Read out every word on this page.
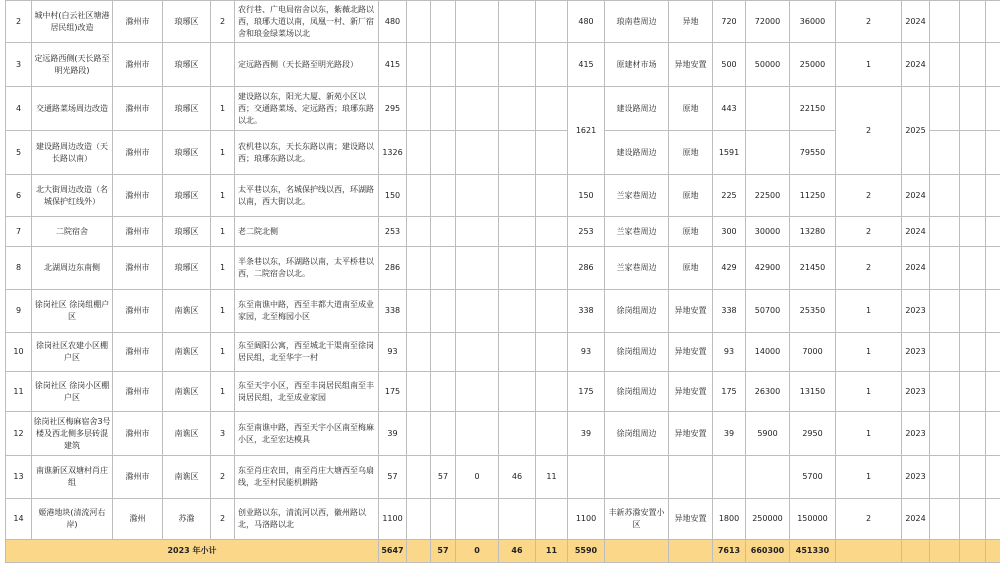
2	城中村(白云社区塘港居民组)改造	滁州市	琅琊区	2	农行巷、广电局宿舍以东，紫薇北路以西，琅琊大道以南，凤凰一村、新厂宿舍和琅金绿菜场以北	480						480	琅南巷周边	异地	720	72000	36000	2	2024				
3	定远路西侧(天长路至明光路段)	滁州市	琅琊区		定远路西侧（天长路至明光路段）	415						415	原建材市场	异地安置	500	50000	25000	1	2024				
4	交通路菜场周边改造	滁州市	琅琊区	1	建设路以东，阳光大厦、新苑小区以西；交通路菜场、定远路西；琅琊东路以北。	295						1621	建设路周边	原地	443		22150	2	2025				
5	建设路周边改造（天长路以南）	滁州市	琅琊区	1	农机巷以东，天长东路以南；建设路以西；琅琊东路以北。	1326							建设路周边	原地	1591		79550						
6	北大街周边改造（名城保护红线外）	滁州市	琅琊区	1	太平巷以东，名城保护线以西，环湖路以南，西大街以北。	150						150	兰家巷周边	原地	225	22500	11250	2	2024				
7	二院宿舍	滁州市	琅琊区	1	老二院北侧	253						253	兰家巷周边	原地	300	30000	13280	2	2024				
8	北湖周边东南侧	滁州市	琅琊区	1	半条巷以东，环湖路以南，太平桥巷以西，二院宿舍以北。	286						286	兰家巷周边	原地	429	42900	21450	2	2024				
9	徐岗社区 徐岗组棚户区	滁州市	南谯区	1	东至南谯中路，西至丰都大道南至成业家园，北至梅园小区	338						338	徐岗组周边	异地安置	338	50700	25350	1	2023				
10	徐岗社区农建小区棚户区	滁州市	南谯区	1	东至阔阳公寓，西至城北干渠南至徐岗居民组，北至华宇一村	93						93	徐岗组周边	异地安置	93	14000	7000	1	2023				
11	徐岗社区 徐岗小区棚户区	滁州市	南谯区	1	东至天宇小区，西至丰岗居民组南至丰岗居民组，北至成业家园	175						175	徐岗组周边	异地安置	175	26300	13150	1	2023				
12	徐岗社区梅麻宿舍3号楼及西北侧多层砖混建筑	滁州市	南谯区	3	东至南谯中路，西至天宇小区南至梅麻小区，北至宏达模具	39						39	徐岗组周边	异地安置	39	5900	2950	1	2023				
13	南谯新区双塘村肖庄组	滁州市	南谯区	2	东至肖庄农田，南至肖庄大塘西至乌扇线，北至村民能机耕路	57		57	0	46	11						5700	1	2023				
14	姬港地块(清流河右岸)	滁州	苏滁	2	创业路以东，清流河以西，徽州路以北，马洛路以北	1100						1100	丰新苏滁安置小区	异地安置	1800	250000	150000	2	2024				
2023 年小计						5647		57	0	46	11	5590			7613	660300	451330						
